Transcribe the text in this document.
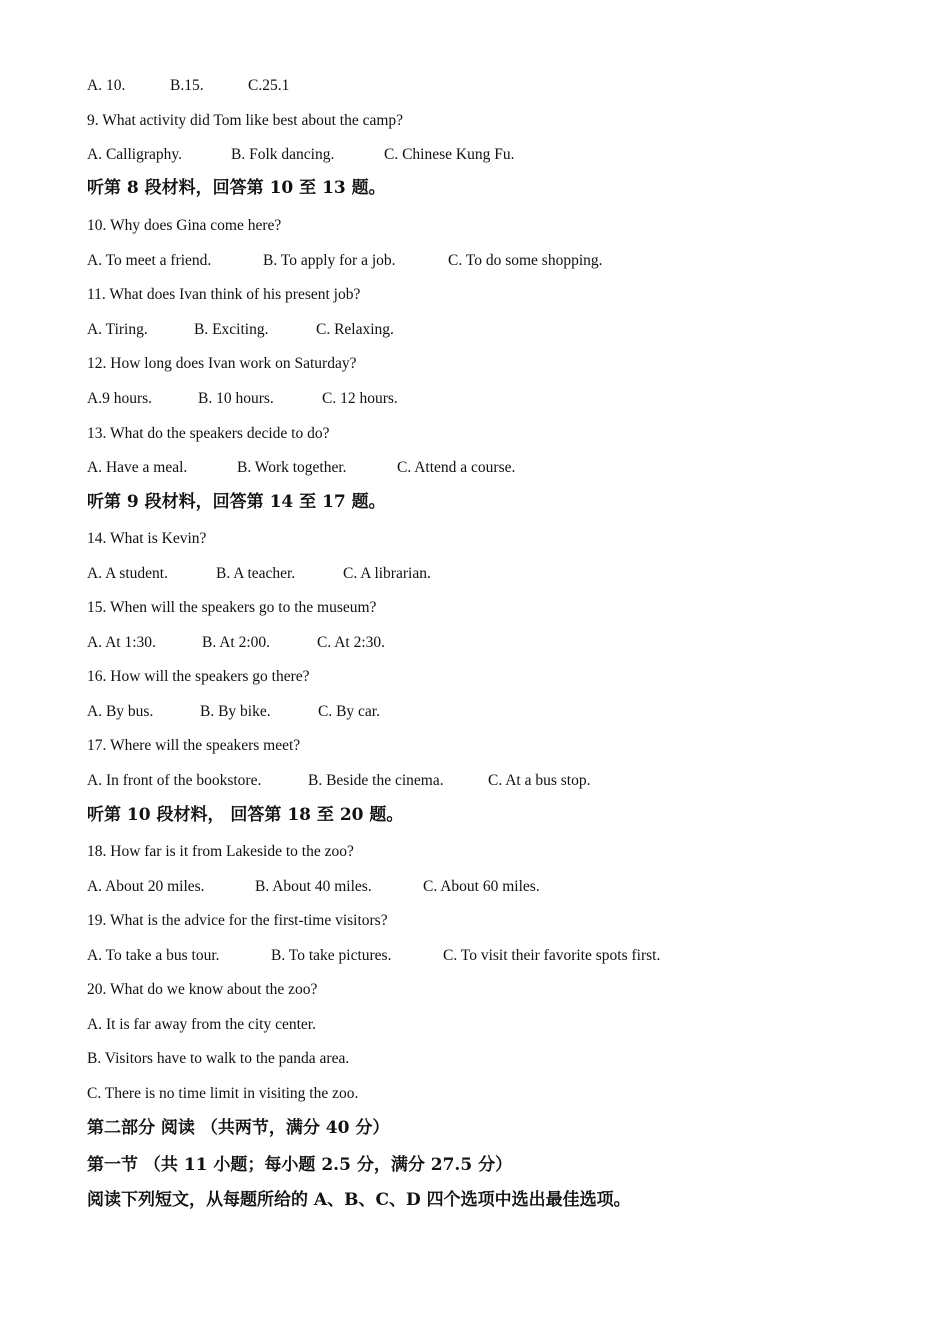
A. 10.	B.15.	C.25.1
9. What activity did Tom like best about the camp?
A. Calligraphy.	B. Folk dancing.	C. Chinese Kung Fu.
听第 8 段材料，回答第 10 至 13 题。
10. Why does Gina come here?
A. To meet a friend.	B. To apply for a job.	C. To do some shopping.
11. What does Ivan think of his present job?
A. Tiring.	B. Exciting.	C. Relaxing.
12. How long does Ivan work on Saturday?
A.9 hours.	B. 10 hours.	C. 12 hours.
13. What do the speakers decide to do?
A. Have a meal.	B. Work together.	C. Attend a course.
听第 9 段材料，回答第 14 至 17 题。
14. What is Kevin?
A. A student.	B. A teacher.	C. A librarian.
15. When will the speakers go to the museum?
A. At 1:30.	B. At 2:00.	C. At 2:30.
16. How will the speakers go there?
A. By bus.	B. By bike.	C. By car.
17. Where will the speakers meet?
A. In front of the bookstore.	B. Beside the cinema.	C. At a bus stop.
听第 10 段材料， 回答第 18 至 20 题。
18. How far is it from Lakeside to the zoo?
A. About 20 miles.	B. About 40 miles.	C. About 60 miles.
19. What is the advice for the first-time visitors?
A. To take a bus tour.	B. To take pictures.	C. To visit their favorite spots first.
20. What do we know about the zoo?
A. It is far away from the city center.
B. Visitors have to walk to the panda area.
C. There is no time limit in visiting the zoo.
第二部分 阅读 （共两节，满分 40 分）
第一节 （共 11 小题；每小题 2.5 分，满分 27.5 分）
阅读下列短文，从每题所给的 A、B、C、D 四个选项中选出最佳选项。
